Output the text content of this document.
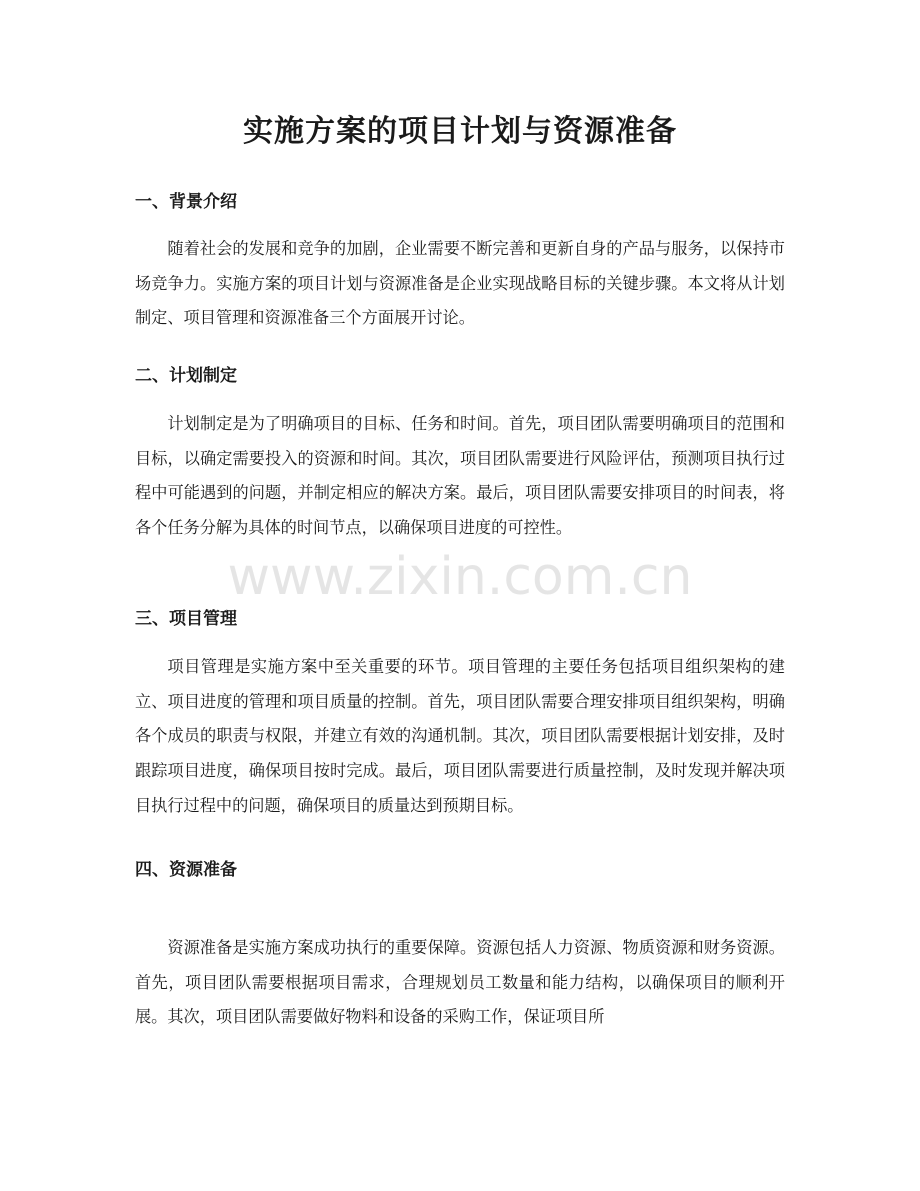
实施方案的项目计划与资源准备
一、背景介绍

随着社会的发展和竞争的加剧，企业需要不断完善和更新自身的产品与服务，以保持市场竞争力。实施方案的项目计划与资源准备是企业实现战略目标的关键步骤。本文将从计划制定、项目管理和资源准备三个方面展开讨论。

二、计划制定

计划制定是为了明确项目的目标、任务和时间。首先，项目团队需要明确项目的范围和目标，以确定需要投入的资源和时间。其次，项目团队需要进行风险评估，预测项目执行过程中可能遇到的问题，并制定相应的解决方案。最后，项目团队需要安排项目的时间表，将各个任务分解为具体的时间节点，以确保项目进度的可控性。

三、项目管理

项目管理是实施方案中至关重要的环节。项目管理的主要任务包括项目组织架构的建立、项目进度的管理和项目质量的控制。首先，项目团队需要合理安排项目组织架构，明确各个成员的职责与权限，并建立有效的沟通机制。其次，项目团队需要根据计划安排，及时跟踪项目进度，确保项目按时完成。最后，项目团队需要进行质量控制，及时发现并解决项目执行过程中的问题，确保项目的质量达到预期目标。

四、资源准备

资源准备是实施方案成功执行的重要保障。资源包括人力资源、物质资源和财务资源。首先，项目团队需要根据项目需求，合理规划员工数量和能力结构，以确保项目的顺利开展。其次，项目团队需要做好物料和设备的采购工作，保证项目所

www.zixin.com.cn
